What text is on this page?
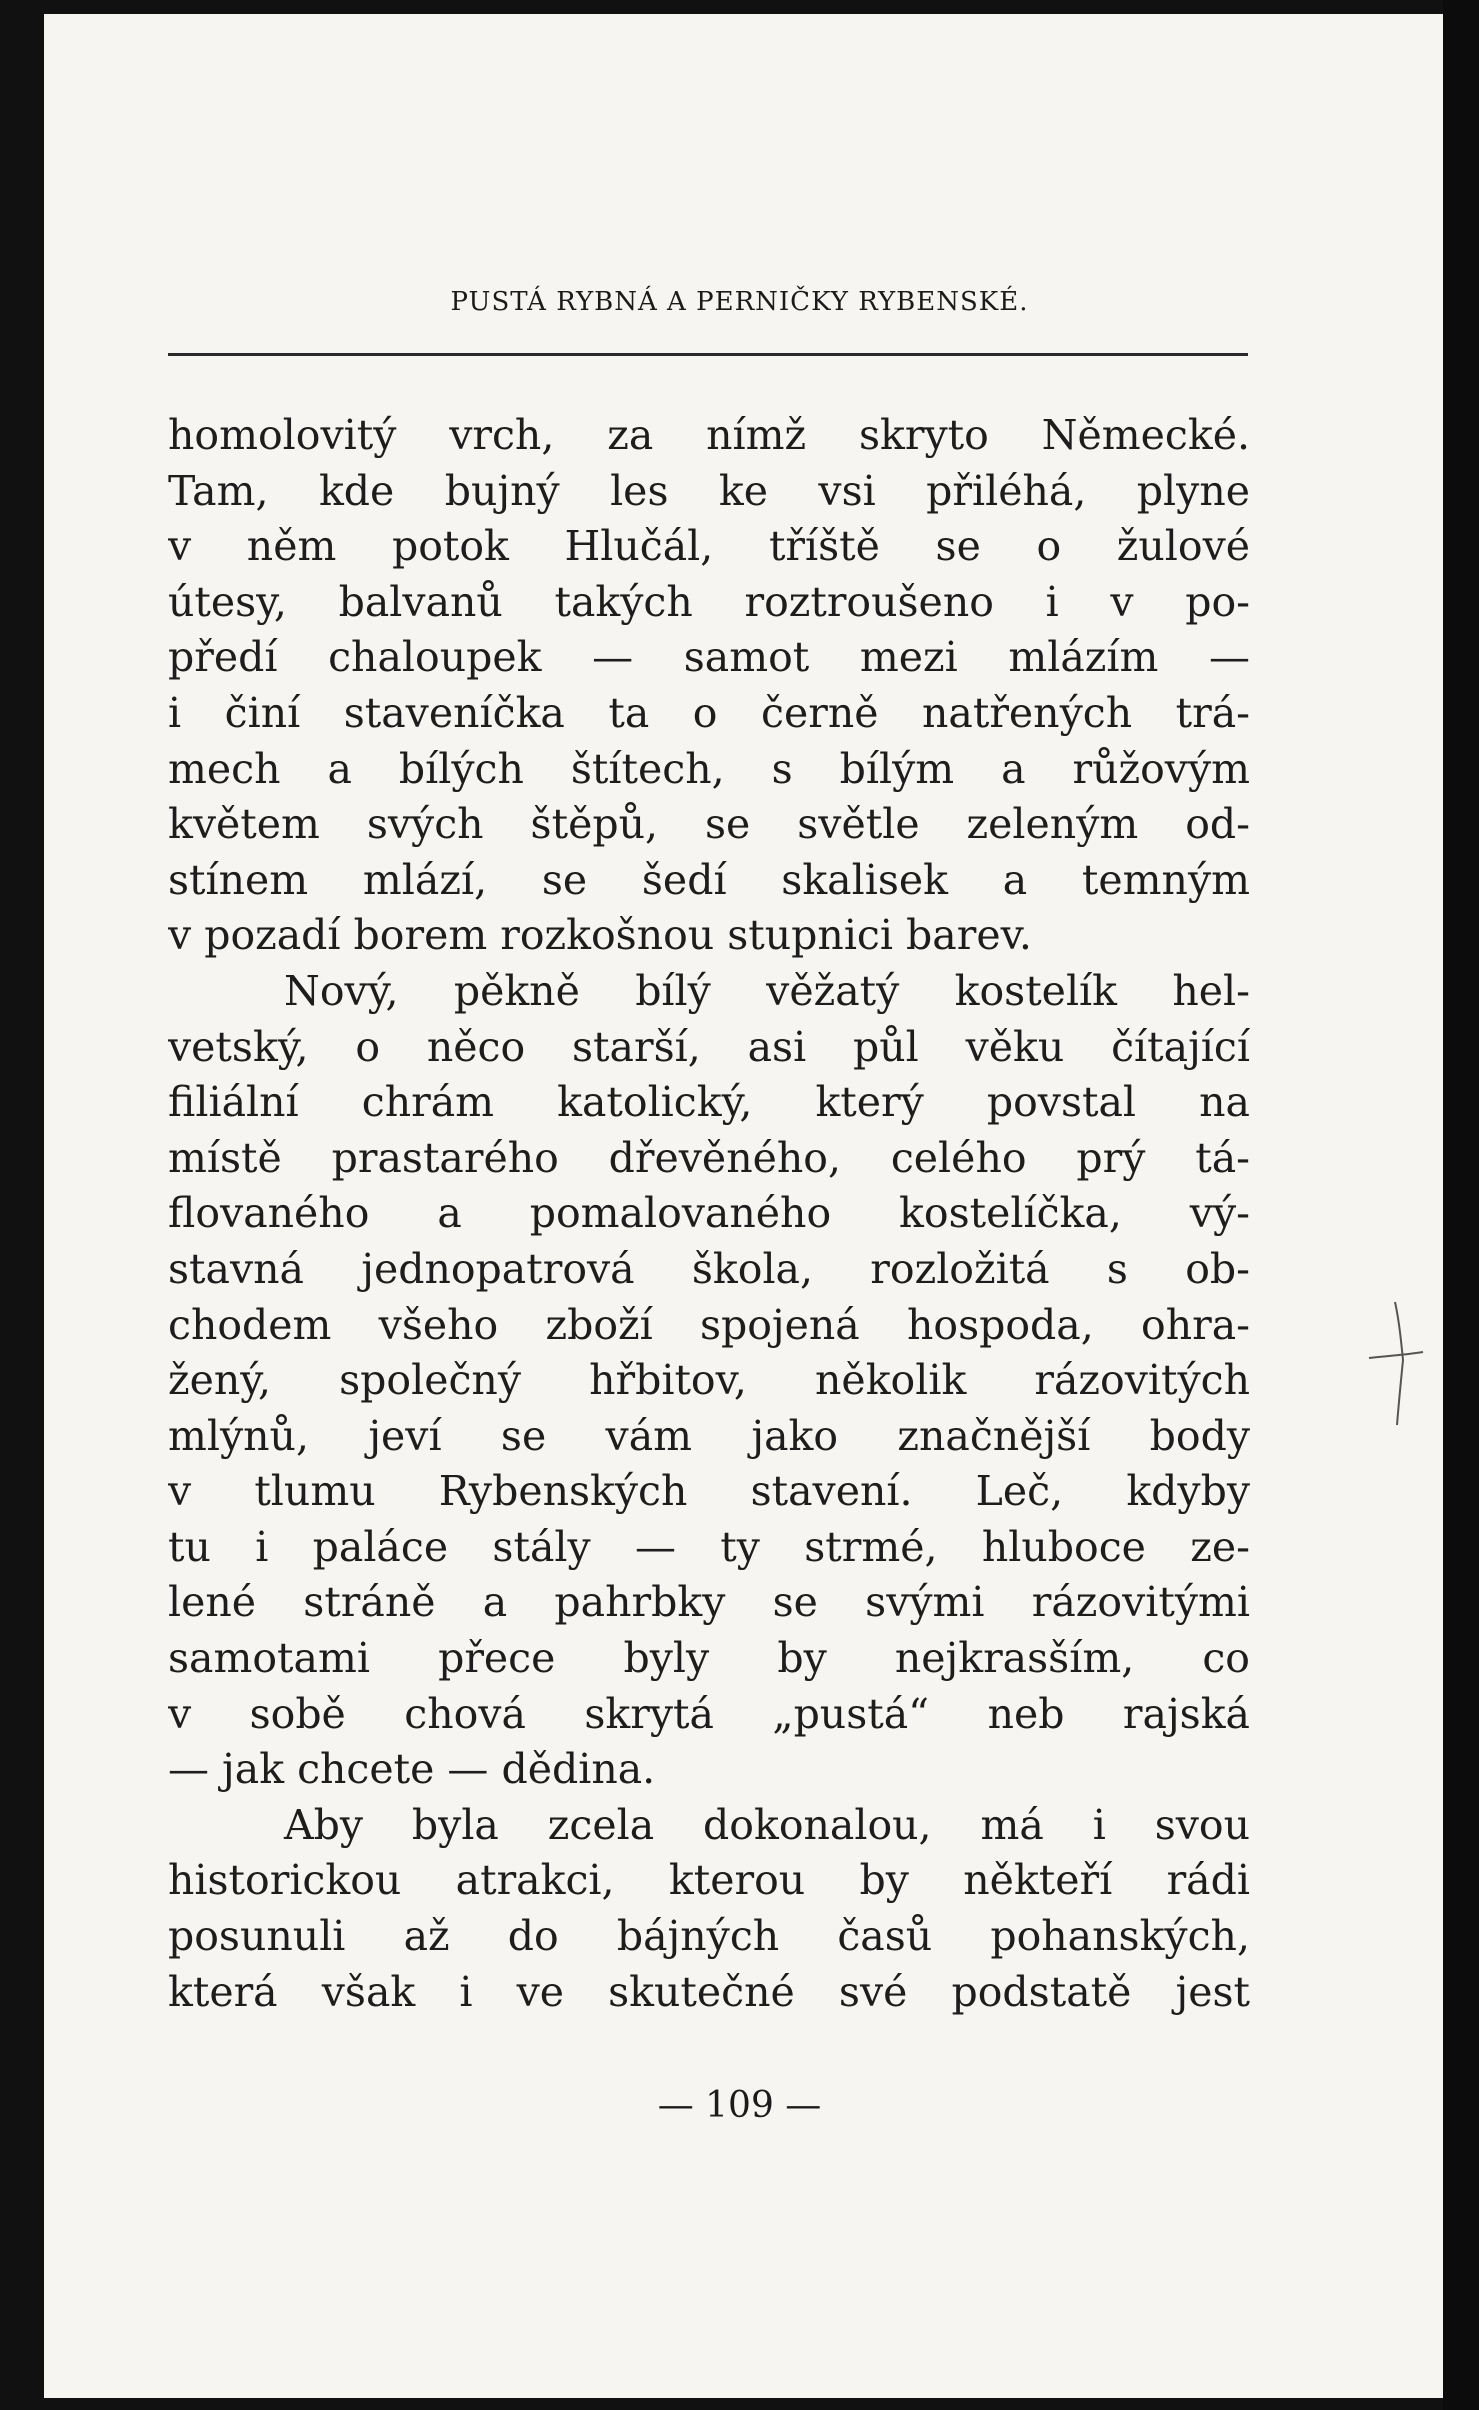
PUSTÁ RYBNÁ A PERNIČKY RYBENSKÉ.
homolovitý vrch, za nímž skryto Německé.
Tam, kde bujný les ke vsi přiléhá, plyne
v něm potok Hlučál, tříště se o žulové
útesy, balvanů takých roztroušeno i v po-
předí chaloupek — samot mezi mlázím —
i činí staveníčka ta o černě natřených trá-
mech a bílých štítech, s bílým a růžovým
květem svých štěpů, se světle zeleným od-
stínem mlází, se šedí skalisek a temným
v pozadí borem rozkošnou stupnici barev.
Nový, pěkně bílý věžatý kostelík hel-
vetský, o něco starší, asi půl věku čítající
filiální chrám katolický, který povstal na
místě prastarého dřevěného, celého prý tá-
flovaného a pomalovaného kostelíčka, vý-
stavná jednopatrová škola, rozložitá s ob-
chodem všeho zboží spojená hospoda, ohra-
žený, společný hřbitov, několik rázovitých
mlýnů, jeví se vám jako značnější body
v tlumu Rybenských stavení. Leč, kdyby
tu i paláce stály — ty strmé, hluboce ze-
lené stráně a pahrbky se svými rázovitými
samotami přece byly by nejkrasším, co
v sobě chová skrytá „pustá“ neb rajská
— jak chcete — dědina.
Aby byla zcela dokonalou, má i svou
historickou atrakci, kterou by někteří rádi
posunuli až do bájných časů pohanských,
která však i ve skutečné své podstatě jest
— 109 —
